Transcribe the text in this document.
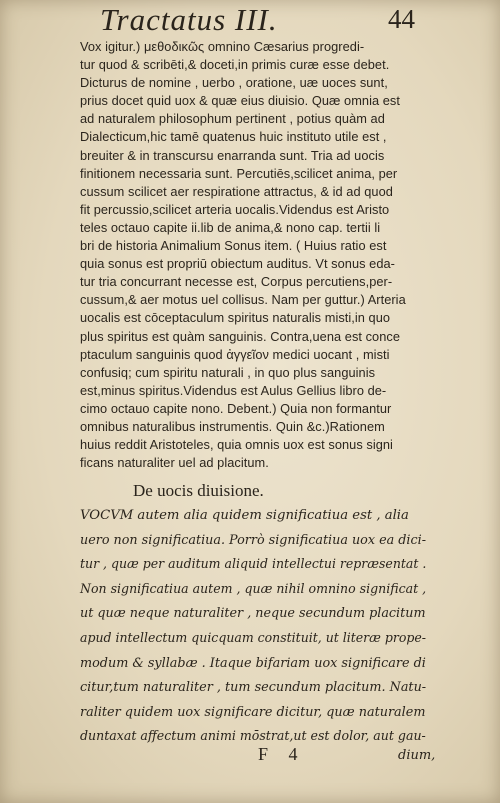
Tractatus III.	44
Vox igitur.) μεθοδικῶς omnino Cæsarius progredi-
tur quod & scribēti,& doceti,in primis curæ esse debet.
Dicturus de nomine , uerbo , oratione, uæ uoces sunt,
prius docet quid uox & quæ eius diuisio. Quæ omnia est
ad naturalem philosophum pertinent , potius quàm ad
Dialecticum,hic tamē quatenus huic instituto utile est ,
breuiter & in transcursu enarranda sunt. Tria ad uocis
finitionem necessaria sunt. Percutiēs,scilicet anima, per
cussum scilicet aer respiratione attractus, & id ad quod
fit percussio,scilicet arteria uocalis.Videndus est Aristo
teles octauo capite ii.lib de anima,& nono cap. tertii li
bri de historia Animalium Sonus item. ( Huius ratio est
quia sonus est propriū obiectum auditus. Vt sonus eda-
tur tria concurrant necesse est, Corpus percutiens,per-
cussum,& aer motus uel collisus. Nam per guttur.) Arteria
uocalis est cōceptaculum spiritus naturalis misti,in quo
plus spiritus est quàm sanguinis. Contra,uena est conce
ptaculum sanguinis quod ἀγγεῖον medici uocant , misti
confusiq; cum spiritu naturali , in quo plus sanguinis
est,minus spiritus.Videndus est Aulus Gellius libro de-
cimo octauo capite nono. Debent.) Quia non formantur
omnibus naturalibus instrumentis. Quin &c.)Rationem
huius reddit Aristoteles, quia omnis uox est sonus signi
ficans naturaliter uel ad placitum.
De uocis diuisione.
VOCVM autem alia quidem significatiua est , alia
uero non significatiua. Porrò significatiua uox ea dici-
tur , quæ per auditum aliquid intellectui repræsentat .
Non significatiua autem , quæ nihil omnino significat ,
ut quæ neque naturaliter , neque secundum placitum
apud intellectum quicquam constituit, ut literæ prope-
modum & syllabæ . Itaque bifariam uox significare di
citur,tum naturaliter , tum secundum placitum. Natu-
raliter quidem uox significare dicitur, quæ naturalem
duntaxat affectum animi mōstrat,ut est dolor, aut gau-
F 4	dium,
